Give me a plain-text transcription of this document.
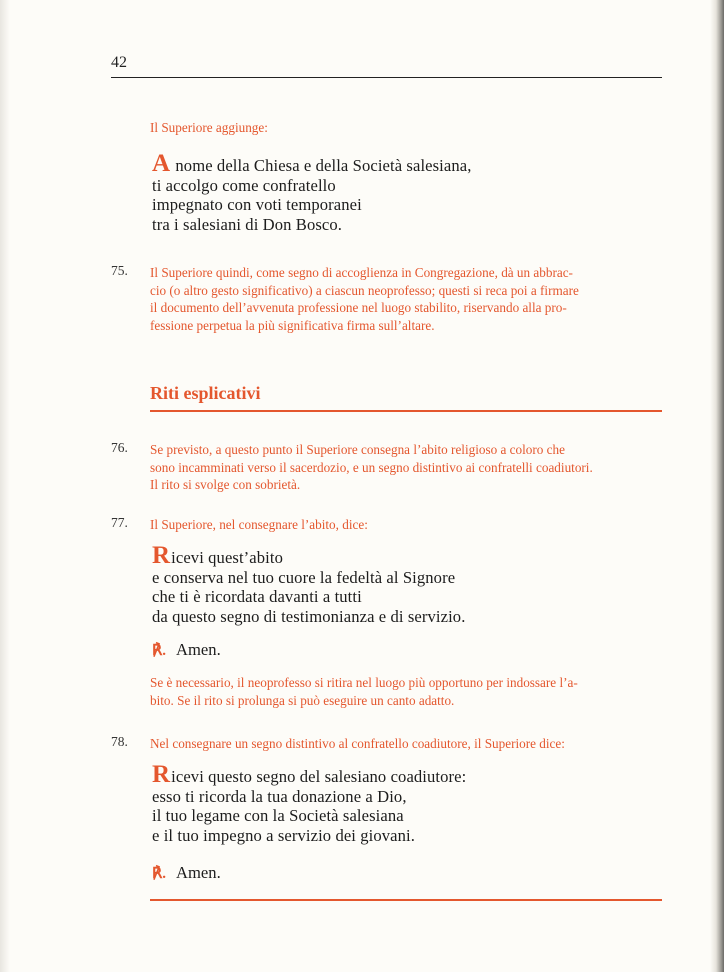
42
Il Superiore aggiunge:
A nome della Chiesa e della Società salesiana,
ti accolgo come confratello
impegnato con voti temporanei
tra i salesiani di Don Bosco.
75. Il Superiore quindi, come segno di accoglienza in Congregazione, dà un abbrac-
cio (o altro gesto significativo) a ciascun neoprofesso; questi si reca poi a firmare
il documento dell’avvenuta professione nel luogo stabilito, riservando alla pro-
fessione perpetua la più significativa firma sull’altare.
Riti esplicativi
76. Se previsto, a questo punto il Superiore consegna l’abito religioso a coloro che
sono incamminati verso il sacerdozio, e un segno distintivo ai confratelli coadiutori.
Il rito si svolge con sobrietà.
77. Il Superiore, nel consegnare l’abito, dice:
Ricevi quest’abito
e conserva nel tuo cuore la fedeltà al Signore
che ti è ricordata davanti a tutti
da questo segno di testimonianza e di servizio.
℟. Amen.
Se è necessario, il neoprofesso si ritira nel luogo più opportuno per indossare l’a-
bito. Se il rito si prolunga si può eseguire un canto adatto.
78. Nel consegnare un segno distintivo al confratello coadiutore, il Superiore dice:
Ricevi questo segno del salesiano coadiutore:
esso ti ricorda la tua donazione a Dio,
il tuo legame con la Società salesiana
e il tuo impegno a servizio dei giovani.
℟. Amen.
